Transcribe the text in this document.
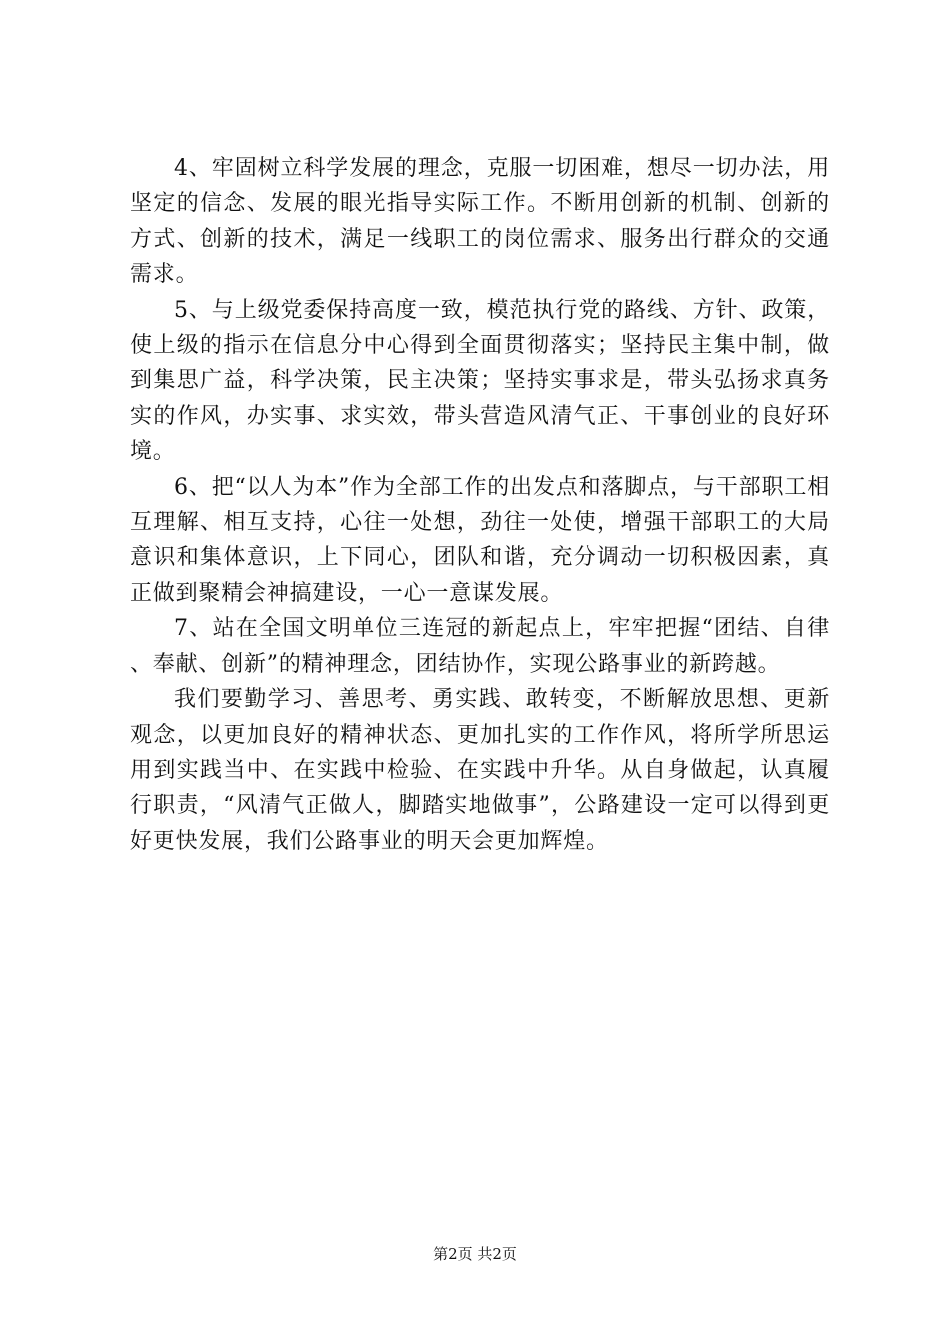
4、牢固树立科学发展的理念，克服一切困难，想尽一切办法，用坚定的信念、发展的眼光指导实际工作。不断用创新的机制、创新的方式、创新的技术，满足一线职工的岗位需求、服务出行群众的交通需求。

5、与上级党委保持高度一致，模范执行党的路线、方针、政策，使上级的指示在信息分中心得到全面贯彻落实；坚持民主集中制，做到集思广益，科学决策，民主决策；坚持实事求是，带头弘扬求真务实的作风，办实事、求实效，带头营造风清气正、干事创业的良好环境。

6、把“以人为本”作为全部工作的出发点和落脚点，与干部职工相互理解、相互支持，心往一处想，劲往一处使，增强干部职工的大局意识和集体意识，上下同心，团队和谐，充分调动一切积极因素，真正做到聚精会神搞建设，一心一意谋发展。

7、站在全国文明单位三连冠的新起点上，牢牢把握“团结、自律、奉献、创新”的精神理念，团结协作，实现公路事业的新跨越。

我们要勤学习、善思考、勇实践、敢转变，不断解放思想、更新观念，以更加良好的精神状态、更加扎实的工作作风，将所学所思运用到实践当中、在实践中检验、在实践中升华。从自身做起，认真履行职责，“风清气正做人，脚踏实地做事”，公路建设一定可以得到更好更快发展，我们公路事业的明天会更加辉煌。

第2页 共2页
